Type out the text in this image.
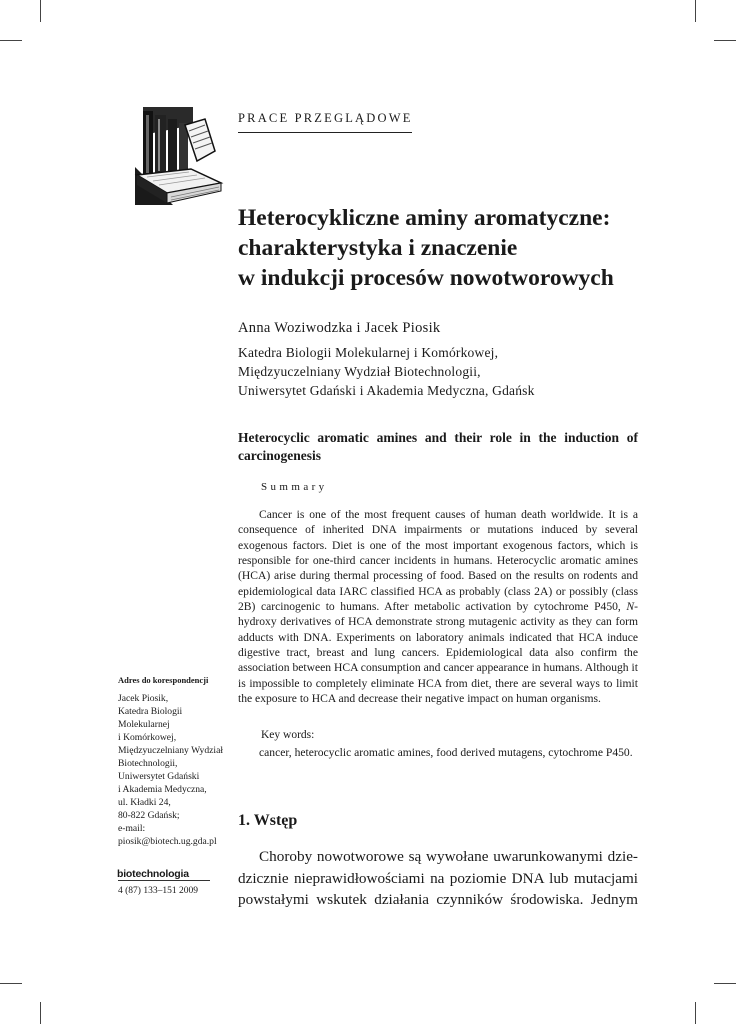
PRACE PRZEGLĄDOWE
Heterocykliczne aminy aromatyczne:
charakterystyka i znaczenie
w indukcji procesów nowotworowych
Anna Woziwodzka i Jacek Piosik
Katedra Biologii Molekularnej i Komórkowej,
Międzyuczelniany Wydział Biotechnologii,
Uniwersytet Gdański i Akademia Medyczna, Gdańsk
Heterocyclic aromatic amines and their role in the induction of carcinogenesis
Summary

Cancer is one of the most frequent causes of human death worldwide. It is a consequence of inherited DNA impairments or mutations induced by several exogenous factors. Diet is one of the most important exogenous factors, which is responsible for one-third cancer incidents in humans. Heterocyclic aromatic amines (HCA) arise during thermal processing of food. Based on the results on rodents and epidemiological data IARC classified HCA as probably (class 2A) or possibly (class 2B) carcinogenic to humans. After metabolic activation by cytochrome P450, N-hydroxy derivatives of HCA demonstrate strong mutagenic activity as they can form adducts with DNA. Experiments on laboratory animals indicated that HCA induce digestive tract, breast and lung cancers. Epidemiological data also confirm the association between HCA consumption and cancer appearance in humans. Although it is impossible to completely eliminate HCA from diet, there are several ways to limit the exposure to HCA and decrease their negative impact on human organisms.

Key words:
cancer, heterocyclic aromatic amines, food derived mutagens, cytochrome P450.
1. Wstęp
Choroby nowotworowe są wywołane uwarunkowanymi dzie-
dzicznie nieprawidłowościami na poziomie DNA lub mutacjami
powstałymi wskutek działania czynników środowiska. Jednym
Adres do korespondencji
Jacek Piosik,
Katedra Biologii
Molekularnej
i Komórkowej,
Międzyuczelniany Wydział
Biotechnologii,
Uniwersytet Gdański
i Akademia Medyczna,
ul. Kładki 24,
80-822 Gdańsk;
e-mail:
piosik@biotech.ug.gda.pl
biotechnologia
4 (87) 133–151 2009
